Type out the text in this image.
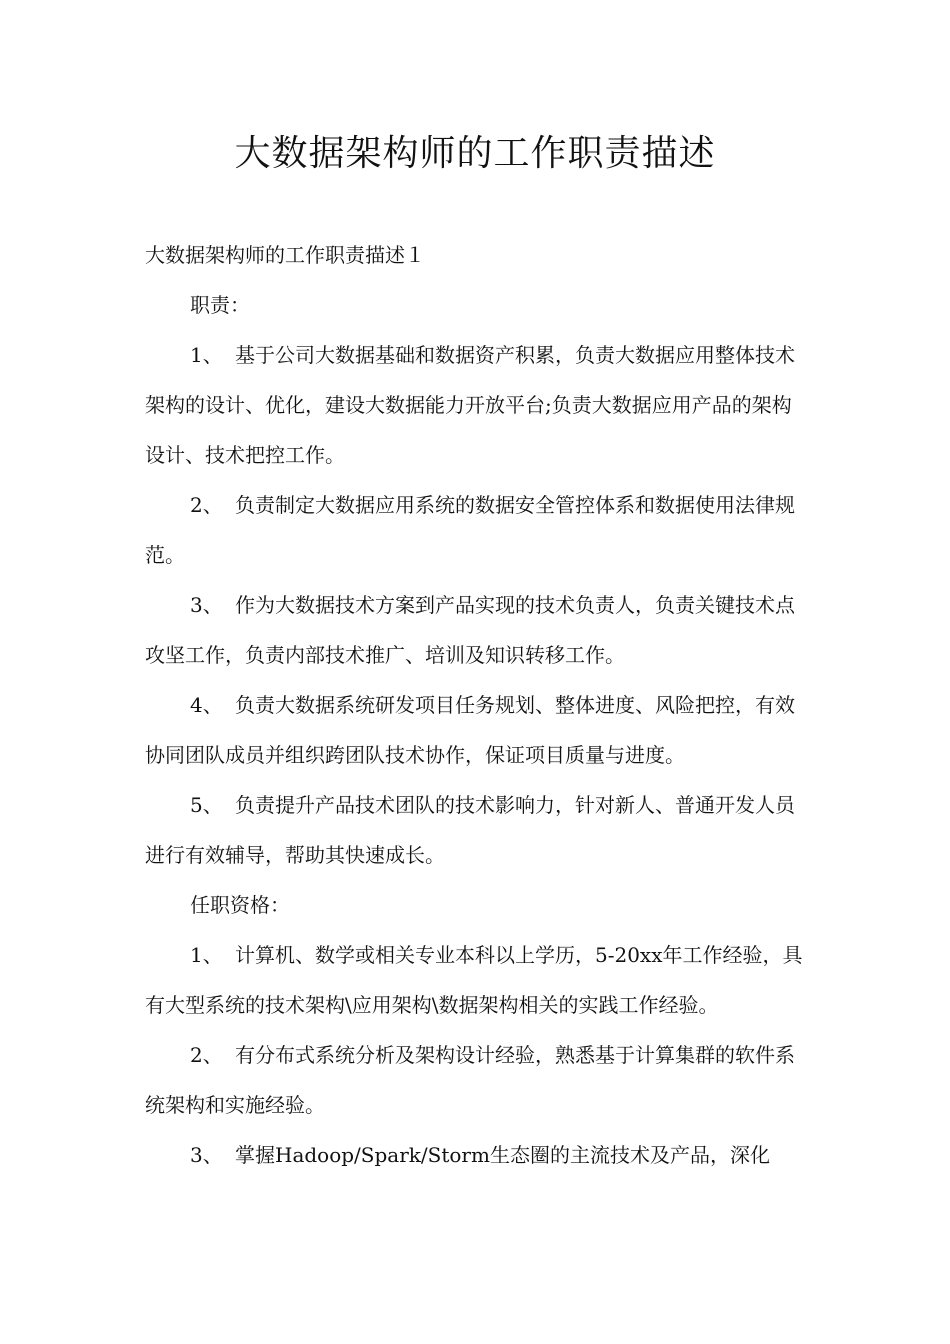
大数据架构师的工作职责描述

大数据架构师的工作职责描述１

职责：

1、 基于公司大数据基础和数据资产积累，负责大数据应用整体技术架构的设计、优化，建设大数据能力开放平台;负责大数据应用产品的架构设计、技术把控工作。

2、 负责制定大数据应用系统的数据安全管控体系和数据使用法律规范。

3、 作为大数据技术方案到产品实现的技术负责人，负责关键技术点攻坚工作，负责内部技术推广、培训及知识转移工作。

4、 负责大数据系统研发项目任务规划、整体进度、风险把控，有效协同团队成员并组织跨团队技术协作，保证项目质量与进度。

5、 负责提升产品技术团队的技术影响力，针对新人、普通开发人员进行有效辅导，帮助其快速成长。

任职资格：

1、 计算机、数学或相关专业本科以上学历，5-20xx年工作经验，具有大型系统的技术架构\应用架构\数据架构相关的实践工作经验。

2、 有分布式系统分析及架构设计经验，熟悉基于计算集群的软件系统架构和实施经验。

3、 掌握Hadoop/Spark/Storm生态圈的主流技术及产品，深化
